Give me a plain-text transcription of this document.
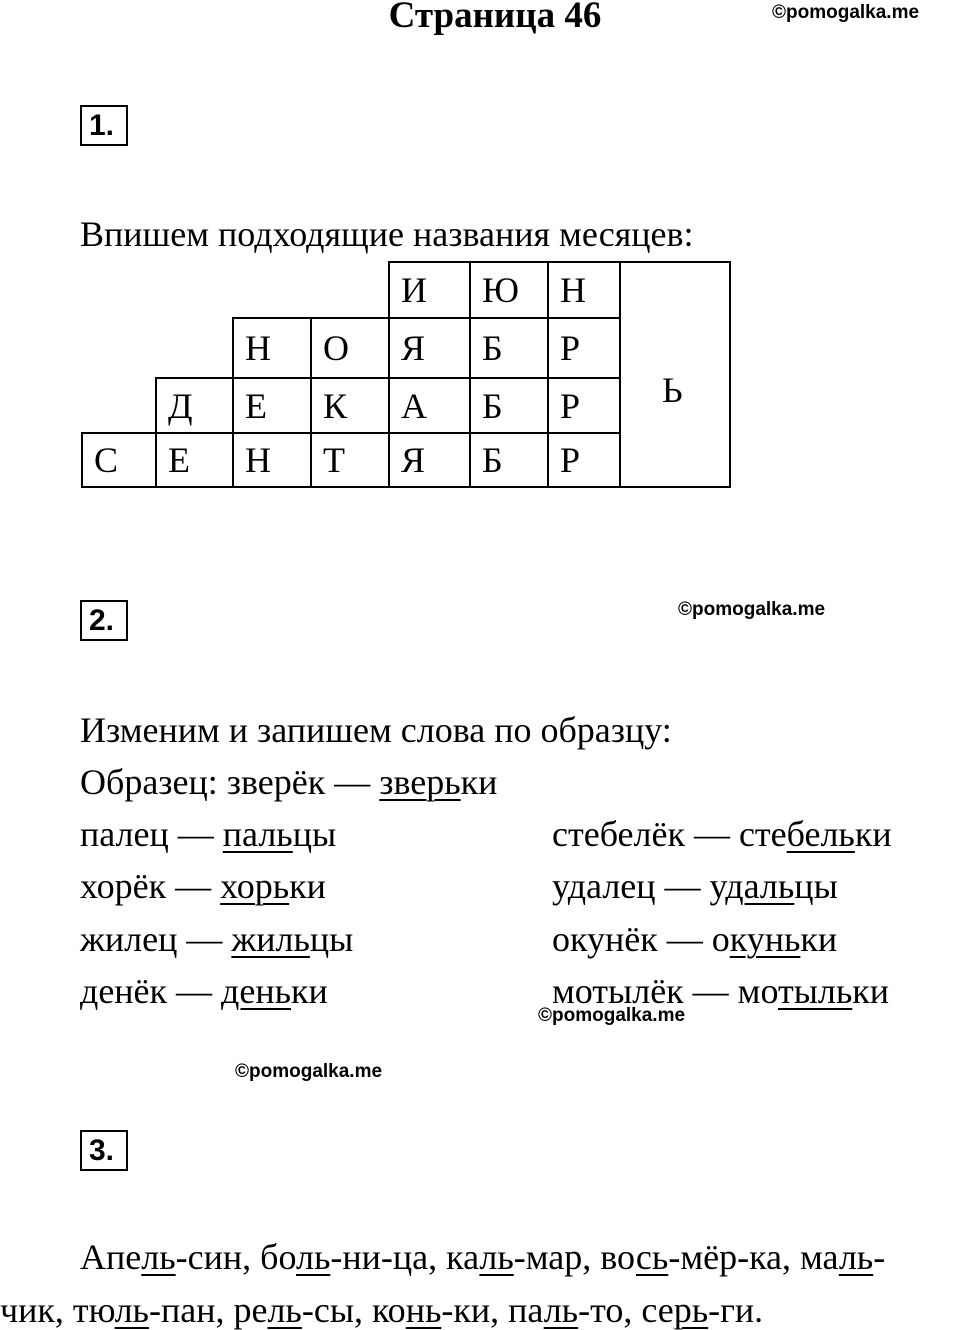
Страница 46	©pomogalka.me
1.
Впишем подходящие названия месяцев:
И Ю Н
Н О Я Б Р
Д Е К А Б Р
С Е Н Т Я Б Р
Ь
2.	©pomogalka.me
Изменим и запишем слова по образцу:
Образец: зверёк — зверьки
палец — пальцы
хорёк — хорьки
жилец — жильцы
денёк — деньки
стебелёк — стебельки
удалец — удальцы
окунёк — окуньки
мотылёк — мотыльки
©pomogalka.me
©pomogalka.me
3.
Апель-син, боль-ни-ца, каль-мар, вось-мёр-ка, маль-
чик, тюль-пан, рель-сы, конь-ки, паль-то, серь-ги.
